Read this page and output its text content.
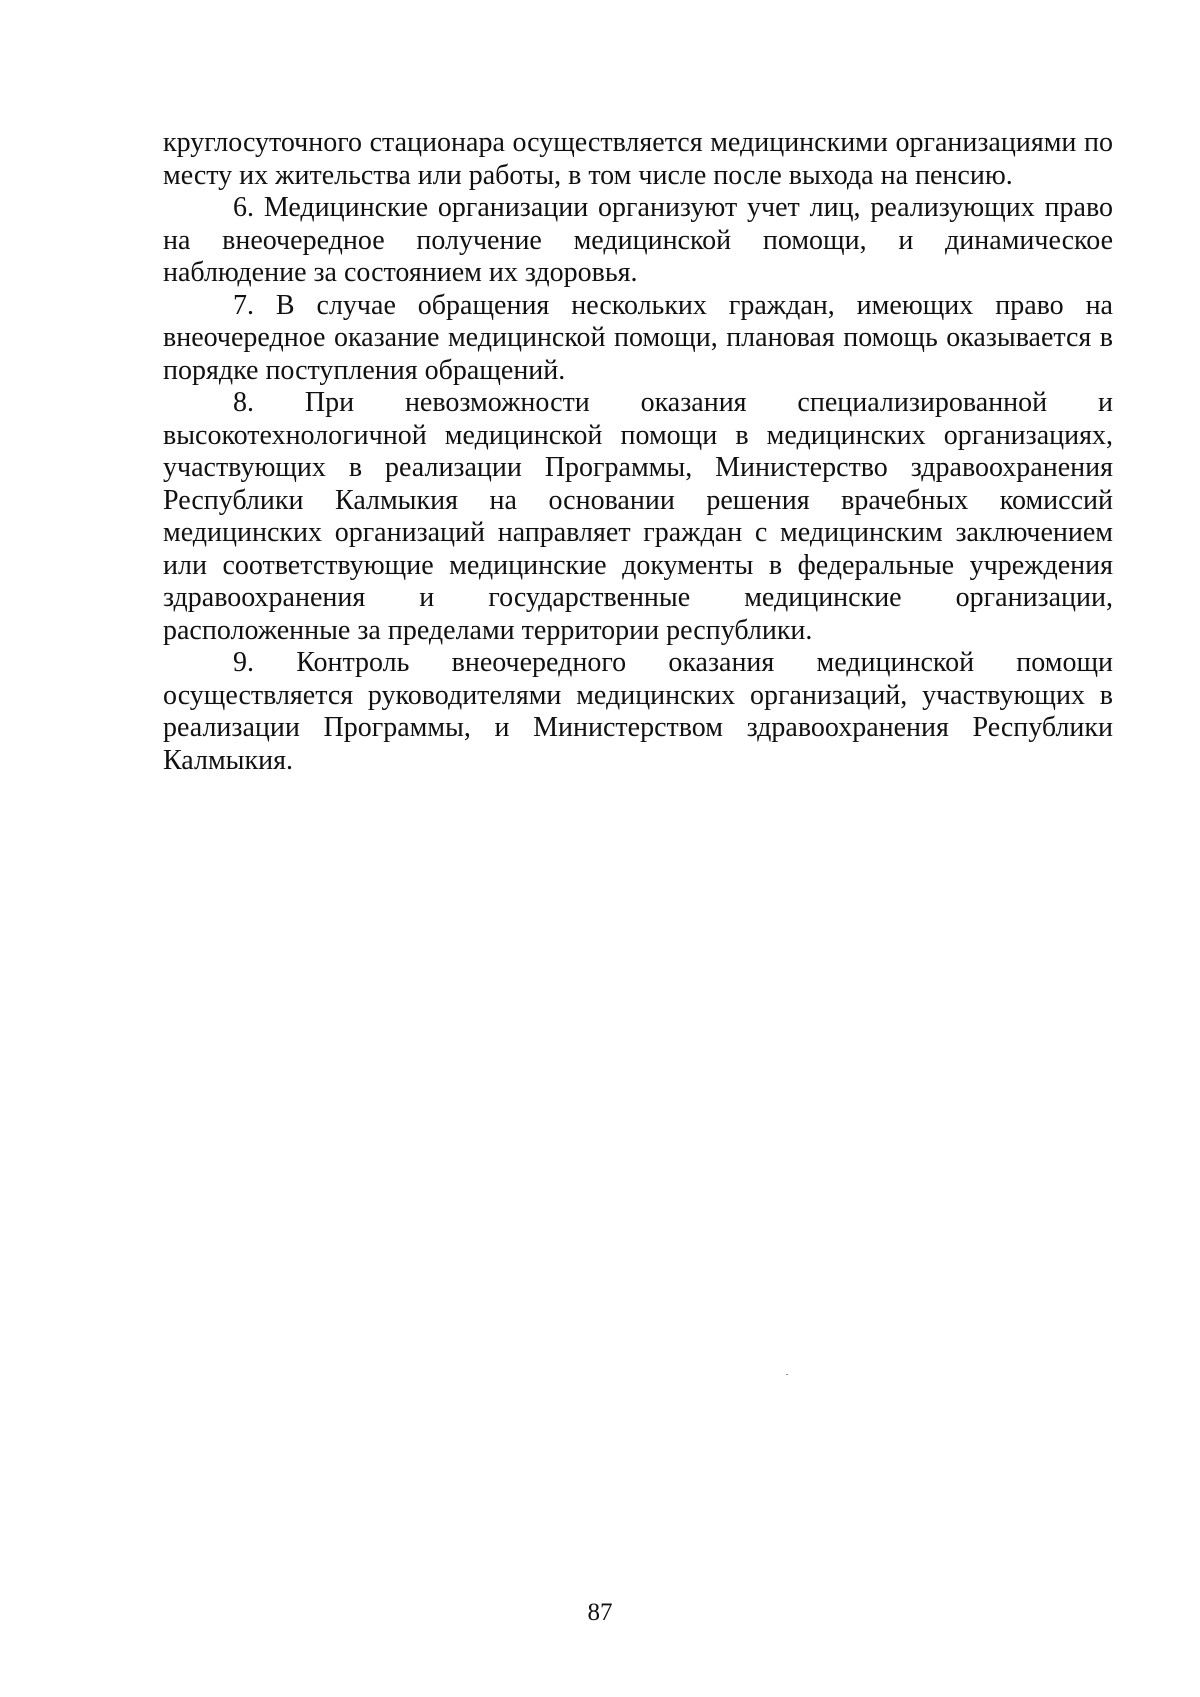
круглосуточного стационара осуществляется медицинскими организациями по месту их жительства или работы, в том числе после выхода на пенсию.

6. Медицинские организации организуют учет лиц, реализующих право на внеочередное получение медицинской помощи, и динамическое наблюдение за состоянием их здоровья.

7. В случае обращения нескольких граждан, имеющих право на внеочередное оказание медицинской помощи, плановая помощь оказывается в порядке поступления обращений.

8. При невозможности оказания специализированной и высокотехнологичной медицинской помощи в медицинских организациях, участвующих в реализации Программы, Министерство здравоохранения Республики Калмыкия на основании решения врачебных комиссий медицинских организаций направляет граждан с медицинским заключением или соответствующие медицинские документы в федеральные учреждения здравоохранения и государственные медицинские организации, расположенные за пределами территории республики.

9. Контроль внеочередного оказания медицинской помощи осуществляется руководителями медицинских организаций, участвующих в реализации Программы, и Министерством здравоохранения Республики Калмыкия.

87
